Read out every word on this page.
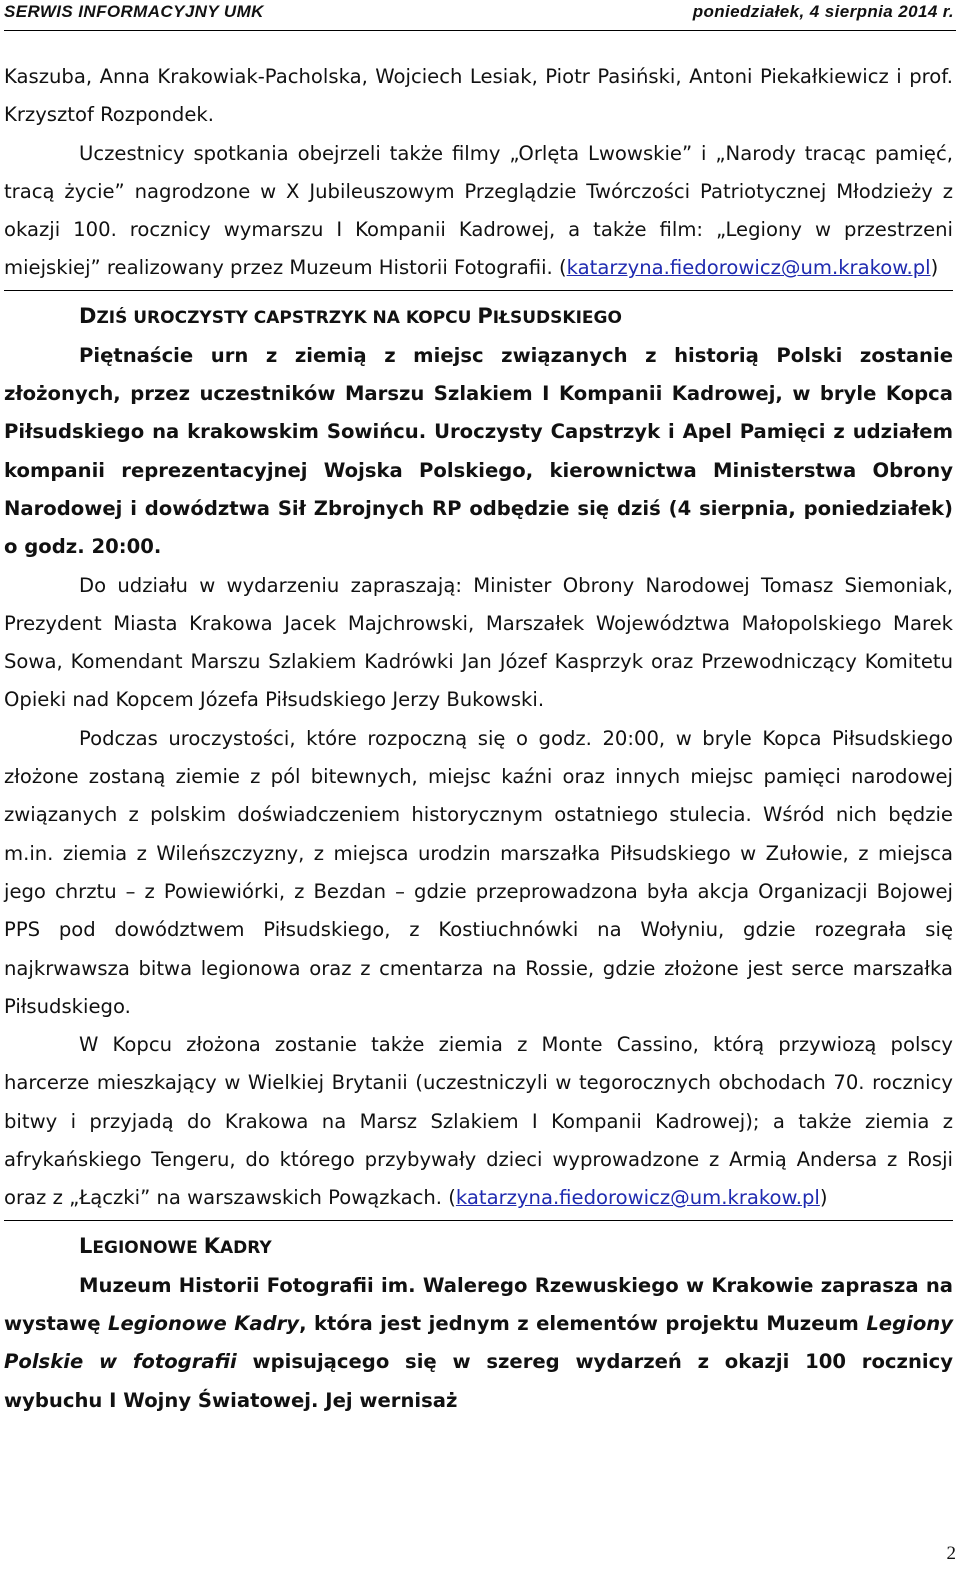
SERWIS INFORMACYJNY UMK	poniedziałek, 4 sierpnia 2014 r.

Kaszuba, Anna Krakowiak-Pacholska, Wojciech Lesiak, Piotr Pasiński, Antoni Piekałkiewicz i prof. Krzysztof Rozpondek.

Uczestnicy spotkania obejrzeli także filmy „Orlęta Lwowskie” i „Narody tracąc pamięć, tracą życie” nagrodzone w X Jubileuszowym Przeglądzie Twórczości Patriotycznej Młodzieży z okazji 100. rocznicy wymarszu I Kompanii Kadrowej, a także film: „Legiony w przestrzeni miejskiej” realizowany przez Muzeum Historii Fotografii. (katarzyna.fiedorowicz@um.krakow.pl)

DZIŚ UROCZYSTY CAPSTRZYK NA KOPCU PIŁSUDSKIEGO

Piętnaście urn z ziemią z miejsc związanych z historią Polski zostanie złożonych, przez uczestników Marszu Szlakiem I Kompanii Kadrowej, w bryle Kopca Piłsudskiego na krakowskim Sowińcu. Uroczysty Capstrzyk i Apel Pamięci z udziałem kompanii reprezentacyjnej Wojska Polskiego, kierownictwa Ministerstwa Obrony Narodowej i dowództwa Sił Zbrojnych RP odbędzie się dziś (4 sierpnia, poniedziałek) o godz. 20:00.

Do udziału w wydarzeniu zapraszają: Minister Obrony Narodowej Tomasz Siemoniak, Prezydent Miasta Krakowa Jacek Majchrowski, Marszałek Województwa Małopolskiego Marek Sowa, Komendant Marszu Szlakiem Kadrówki Jan Józef Kasprzyk oraz Przewodniczący Komitetu Opieki nad Kopcem Józefa Piłsudskiego Jerzy Bukowski.

Podczas uroczystości, które rozpoczną się o godz. 20:00, w bryle Kopca Piłsudskiego złożone zostaną ziemie z pól bitewnych, miejsc kaźni oraz innych miejsc pamięci narodowej związanych z polskim doświadczeniem historycznym ostatniego stulecia. Wśród nich będzie m.in. ziemia z Wileńszczyzny, z miejsca urodzin marszałka Piłsudskiego w Zułowie, z miejsca jego chrztu – z Powiewiórki, z Bezdan – gdzie przeprowadzona była akcja Organizacji Bojowej PPS pod dowództwem Piłsudskiego, z Kostiuchnówki na Wołyniu, gdzie rozegrała się najkrwawsza bitwa legionowa oraz z cmentarza na Rossie, gdzie złożone jest serce marszałka Piłsudskiego.

W Kopcu złożona zostanie także ziemia z Monte Cassino, którą przywiozą polscy harcerze mieszkający w Wielkiej Brytanii (uczestniczyli w tegorocznych obchodach 70. rocznicy bitwy i przyjadą do Krakowa na Marsz Szlakiem I Kompanii Kadrowej); a także ziemia z afrykańskiego Tengeru, do którego przybywały dzieci wyprowadzone z Armią Andersa z Rosji oraz z „Łączki” na warszawskich Powązkach. (katarzyna.fiedorowicz@um.krakow.pl)

LEGIONOWE KADRY

Muzeum Historii Fotografii im. Walerego Rzewuskiego w Krakowie zaprasza na wystawę Legionowe Kadry, która jest jednym z elementów projektu Muzeum Legiony Polskie w fotografii wpisującego się w szereg wydarzeń z okazji 100 rocznicy wybuchu I Wojny Światowej. Jej wernisaż

2
